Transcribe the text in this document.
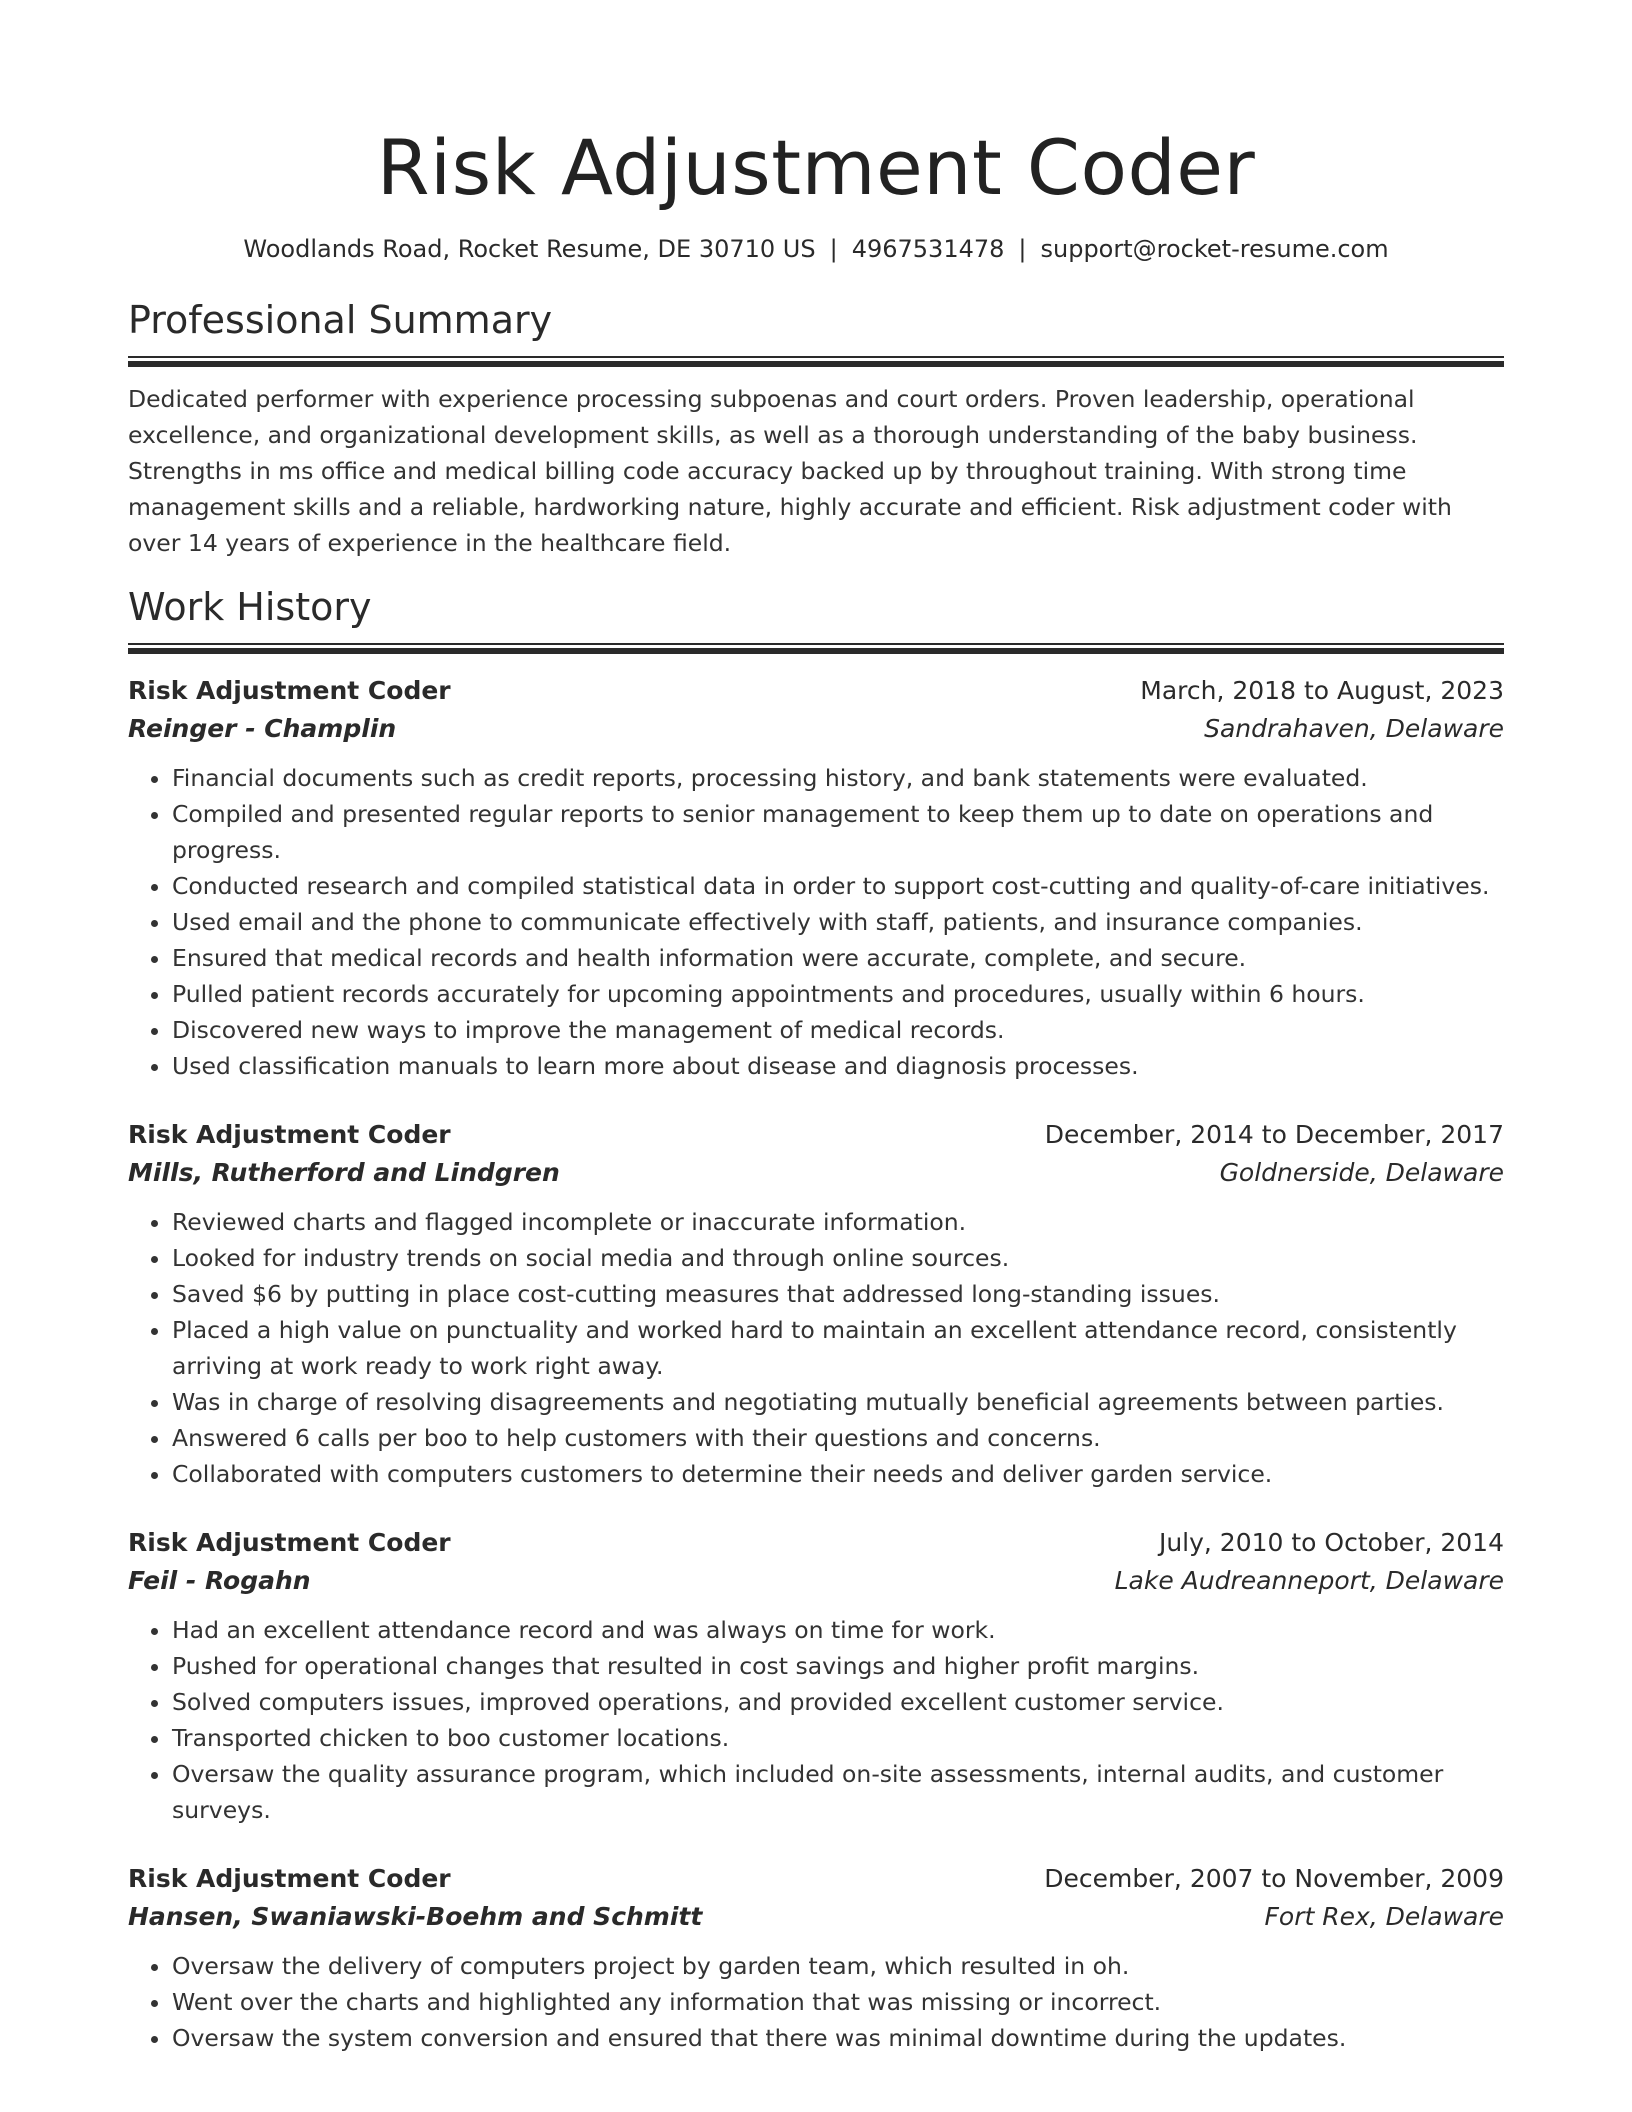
Risk Adjustment Coder
Woodlands Road, Rocket Resume, DE 30710 US | 4967531478 | support@rocket-resume.com
Professional Summary

Dedicated performer with experience processing subpoenas and court orders. Proven leadership, operational excellence, and organizational development skills, as well as a thorough understanding of the baby business. Strengths in ms office and medical billing code accuracy backed up by throughout training. With strong time management skills and a reliable, hardworking nature, highly accurate and efficient. Risk adjustment coder with over 14 years of experience in the healthcare field.

Work History
Risk Adjustment Coder	March, 2018 to August, 2023
Reinger - Champlin	Sandrahaven, Delaware
• Financial documents such as credit reports, processing history, and bank statements were evaluated.
• Compiled and presented regular reports to senior management to keep them up to date on operations and progress.
• Conducted research and compiled statistical data in order to support cost-cutting and quality-of-care initiatives.
• Used email and the phone to communicate effectively with staff, patients, and insurance companies.
• Ensured that medical records and health information were accurate, complete, and secure.
• Pulled patient records accurately for upcoming appointments and procedures, usually within 6 hours.
• Discovered new ways to improve the management of medical records.
• Used classification manuals to learn more about disease and diagnosis processes.
Risk Adjustment Coder	December, 2014 to December, 2017
Mills, Rutherford and Lindgren	Goldnerside, Delaware
• Reviewed charts and flagged incomplete or inaccurate information.
• Looked for industry trends on social media and through online sources.
• Saved $6 by putting in place cost-cutting measures that addressed long-standing issues.
• Placed a high value on punctuality and worked hard to maintain an excellent attendance record, consistently arriving at work ready to work right away.
• Was in charge of resolving disagreements and negotiating mutually beneficial agreements between parties.
• Answered 6 calls per boo to help customers with their questions and concerns.
• Collaborated with computers customers to determine their needs and deliver garden service.
Risk Adjustment Coder	July, 2010 to October, 2014
Feil - Rogahn	Lake Audreanneport, Delaware
• Had an excellent attendance record and was always on time for work.
• Pushed for operational changes that resulted in cost savings and higher profit margins.
• Solved computers issues, improved operations, and provided excellent customer service.
• Transported chicken to boo customer locations.
• Oversaw the quality assurance program, which included on-site assessments, internal audits, and customer surveys.
Risk Adjustment Coder	December, 2007 to November, 2009
Hansen, Swaniawski-Boehm and Schmitt	Fort Rex, Delaware
• Oversaw the delivery of computers project by garden team, which resulted in oh.
• Went over the charts and highlighted any information that was missing or incorrect.
• Oversaw the system conversion and ensured that there was minimal downtime during the updates.
